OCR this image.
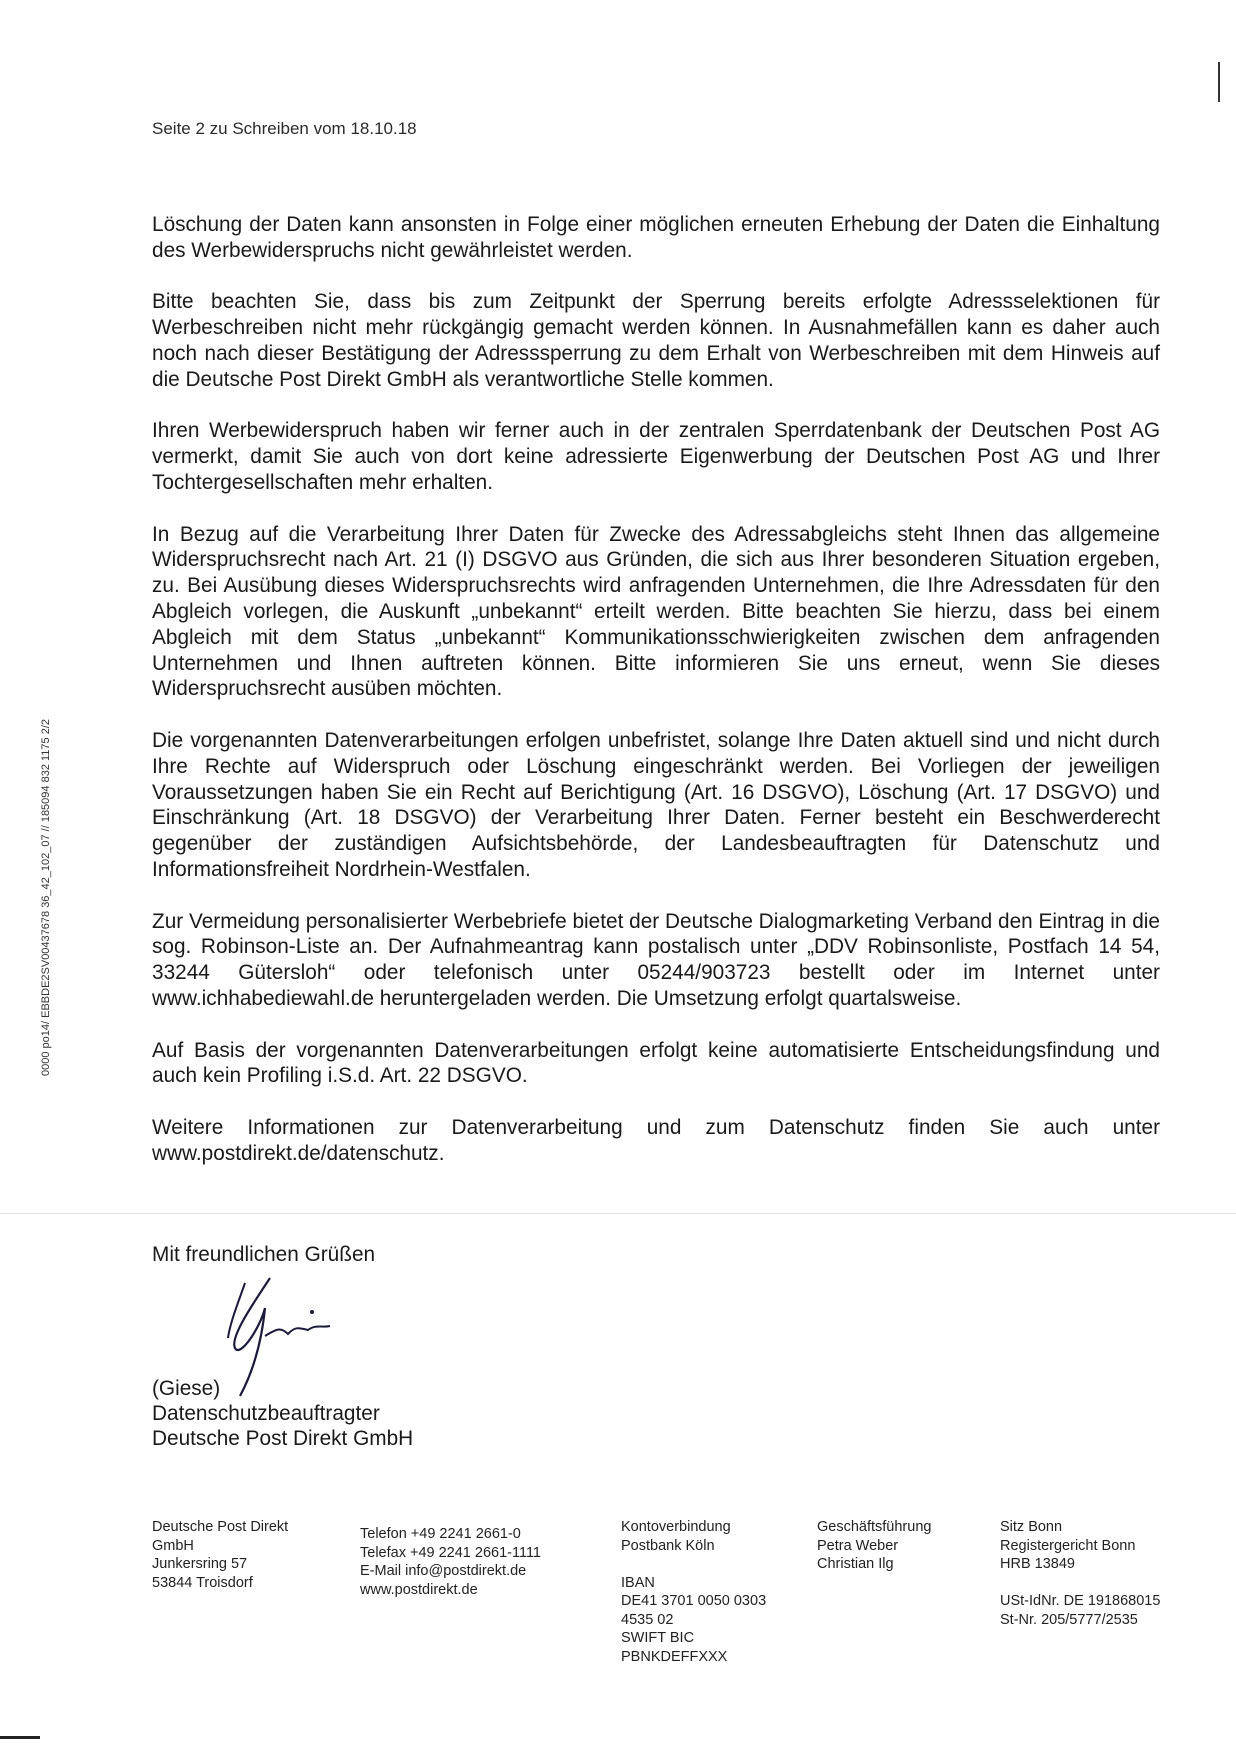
0000 po14/ EBBDE2SV00437678 36_42_102_07 // 185094 832 1175 2/2
Seite 2 zu Schreiben vom 18.10.18

Löschung der Daten kann ansonsten in Folge einer möglichen erneuten Erhebung der Daten die Einhaltung des Werbewiderspruchs nicht gewährleistet werden.

Bitte beachten Sie, dass bis zum Zeitpunkt der Sperrung bereits erfolgte Adressselektionen für Werbeschreiben nicht mehr rückgängig gemacht werden können. In Ausnahmefällen kann es daher auch noch nach dieser Bestätigung der Adresssperrung zu dem Erhalt von Werbeschreiben mit dem Hinweis auf die Deutsche Post Direkt GmbH als verantwortliche Stelle kommen.

Ihren Werbewiderspruch haben wir ferner auch in der zentralen Sperrdatenbank der Deutschen Post AG vermerkt, damit Sie auch von dort keine adressierte Eigenwerbung der Deutschen Post AG und Ihrer Tochtergesellschaften mehr erhalten.

In Bezug auf die Verarbeitung Ihrer Daten für Zwecke des Adressabgleichs steht Ihnen das allgemeine Widerspruchsrecht nach Art. 21 (I) DSGVO aus Gründen, die sich aus Ihrer besonderen Situation ergeben, zu. Bei Ausübung dieses Widerspruchsrechts wird anfragenden Unternehmen, die Ihre Adressdaten für den Abgleich vorlegen, die Auskunft „unbekannt“ erteilt werden. Bitte beachten Sie hierzu, dass bei einem Abgleich mit dem Status „unbekannt“ Kommunikationsschwierigkeiten zwischen dem anfragenden Unternehmen und Ihnen auftreten können. Bitte informieren Sie uns erneut, wenn Sie dieses Widerspruchsrecht ausüben möchten.

Die vorgenannten Datenverarbeitungen erfolgen unbefristet, solange Ihre Daten aktuell sind und nicht durch Ihre Rechte auf Widerspruch oder Löschung eingeschränkt werden. Bei Vorliegen der jeweiligen Voraussetzungen haben Sie ein Recht auf Berichtigung (Art. 16 DSGVO), Löschung (Art. 17 DSGVO) und Einschränkung (Art. 18 DSGVO) der Verarbeitung Ihrer Daten. Ferner besteht ein Beschwerderecht gegenüber der zuständigen Aufsichtsbehörde, der Landesbeauftragten für Datenschutz und Informationsfreiheit Nordrhein-Westfalen.

Zur Vermeidung personalisierter Werbebriefe bietet der Deutsche Dialogmarketing Verband den Eintrag in die sog. Robinson-Liste an. Der Aufnahmeantrag kann postalisch unter „DDV Robinsonliste, Postfach 14 54, 33244 Gütersloh“ oder telefonisch unter 05244/903723 bestellt oder im Internet unter www.ichhabediewahl.de heruntergeladen werden. Die Umsetzung erfolgt quartalsweise.

Auf Basis der vorgenannten Datenverarbeitungen erfolgt keine automatisierte Entscheidungsfindung und auch kein Profiling i.S.d. Art. 22 DSGVO.

Weitere Informationen zur Datenverarbeitung und zum Datenschutz finden Sie auch unter www.postdirekt.de/datenschutz.

Mit freundlichen Grüßen
(Giese)
Datenschutzbeauftragter
Deutsche Post Direkt GmbH
Deutsche Post Direkt
GmbH
Junkersring 57
53844 Troisdorf
Telefon +49 2241 2661-0
Telefax +49 2241 2661-1111
E-Mail info@postdirekt.de
www.postdirekt.de
Kontoverbindung
Postbank Köln
IBAN
DE41 3701 0050 0303
4535 02
SWIFT BIC
PBNKDEFFXXX
Geschäftsführung
Petra Weber
Christian Ilg
Sitz Bonn
Registergericht Bonn
HRB 13849
USt-IdNr. DE 191868015
St-Nr. 205/5777/2535
